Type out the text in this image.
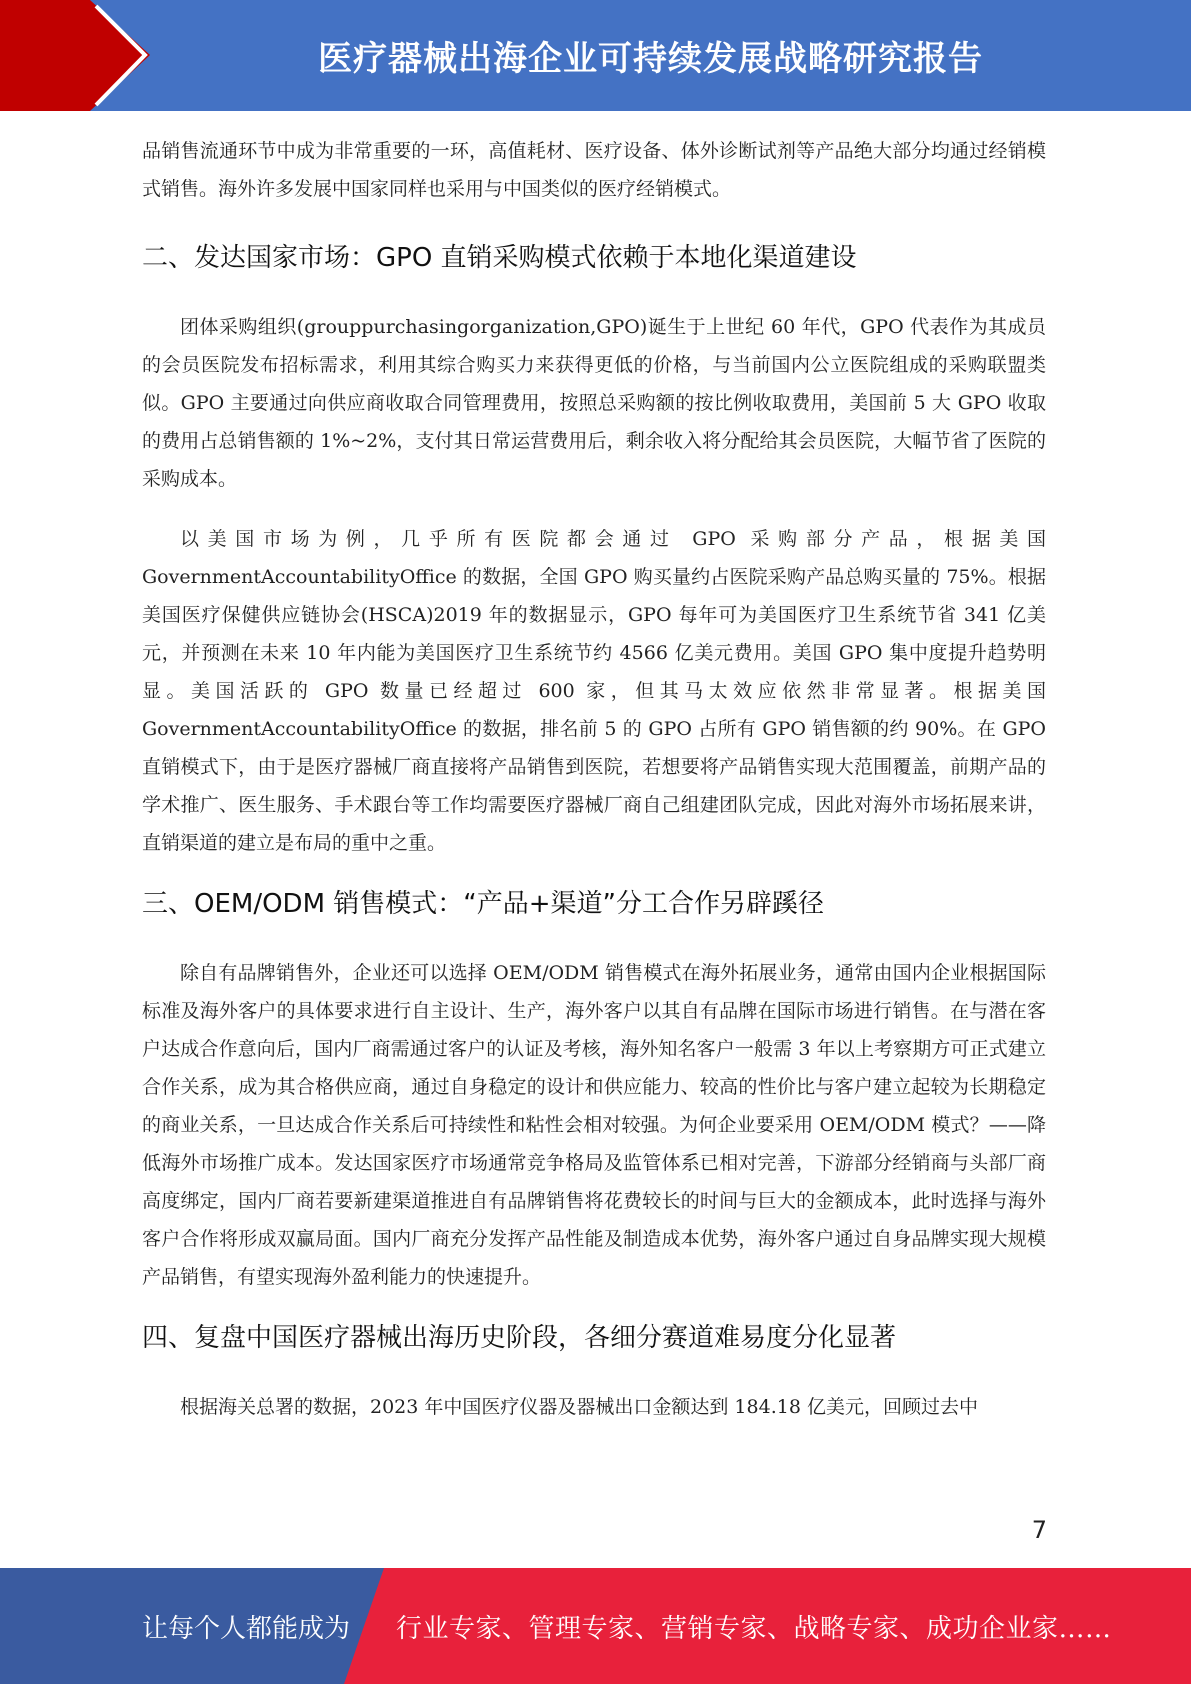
医疗器械出海企业可持续发展战略研究报告

品销售流通环节中成为非常重要的一环，高值耗材、医疗设备、体外诊断试剂等产品绝大部分均通过经销模式销售。海外许多发展中国家同样也采用与中国类似的医疗经销模式。

二、发达国家市场：GPO 直销采购模式依赖于本地化渠道建设

团体采购组织(grouppurchasingorganization,GPO)诞生于上世纪 60 年代，GPO 代表作为其成员的会员医院发布招标需求，利用其综合购买力来获得更低的价格，与当前国内公立医院组成的采购联盟类似。GPO 主要通过向供应商收取合同管理费用，按照总采购额的按比例收取费用，美国前 5 大 GPO 收取的费用占总销售额的 1%~2%，支付其日常运营费用后，剩余收入将分配给其会员医院，大幅节省了医院的采购成本。

以美国市场为例，几乎所有医院都会通过 GPO 采购部分产品，根据美国 GovernmentAccountabilityOffice 的数据，全国 GPO 购买量约占医院采购产品总购买量的 75%。根据美国医疗保健供应链协会(HSCA)2019 年的数据显示，GPO 每年可为美国医疗卫生系统节省 341 亿美元，并预测在未来 10 年内能为美国医疗卫生系统节约 4566 亿美元费用。美国 GPO 集中度提升趋势明显。美国活跃的 GPO 数量已经超过 600 家，但其马太效应依然非常显著。根据美国 GovernmentAccountabilityOffice 的数据，排名前 5 的 GPO 占所有 GPO 销售额的约 90%。在 GPO 直销模式下，由于是医疗器械厂商直接将产品销售到医院，若想要将产品销售实现大范围覆盖，前期产品的学术推广、医生服务、手术跟台等工作均需要医疗器械厂商自己组建团队完成，因此对海外市场拓展来讲，直销渠道的建立是布局的重中之重。

三、OEM/ODM 销售模式：“产品+渠道”分工合作另辟蹊径

除自有品牌销售外，企业还可以选择 OEM/ODM 销售模式在海外拓展业务，通常由国内企业根据国际标准及海外客户的具体要求进行自主设计、生产，海外客户以其自有品牌在国际市场进行销售。在与潜在客户达成合作意向后，国内厂商需通过客户的认证及考核，海外知名客户一般需 3 年以上考察期方可正式建立合作关系，成为其合格供应商，通过自身稳定的设计和供应能力、较高的性价比与客户建立起较为长期稳定的商业关系，一旦达成合作关系后可持续性和粘性会相对较强。为何企业要采用 OEM/ODM 模式？——降低海外市场推广成本。发达国家医疗市场通常竞争格局及监管体系已相对完善，下游部分经销商与头部厂商高度绑定，国内厂商若要新建渠道推进自有品牌销售将花费较长的时间与巨大的金额成本，此时选择与海外客户合作将形成双赢局面。国内厂商充分发挥产品性能及制造成本优势，海外客户通过自身品牌实现大规模产品销售，有望实现海外盈利能力的快速提升。

四、复盘中国医疗器械出海历史阶段，各细分赛道难易度分化显著

根据海关总署的数据，2023 年中国医疗仪器及器械出口金额达到 184.18 亿美元，回顾过去中

7
让每个人都能成为 行业专家、管理专家、营销专家、战略专家、成功企业家……
